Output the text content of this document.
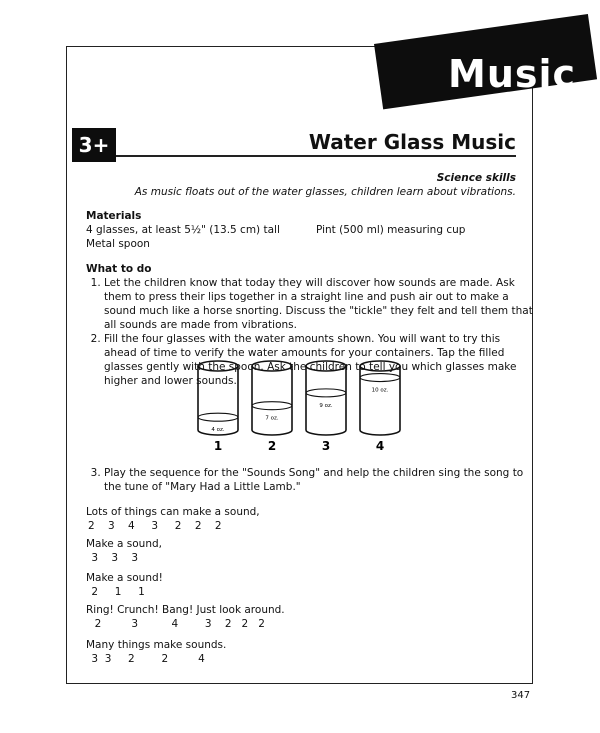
Music
3+	Water Glass Music
Science skills
As music floats out of the water glasses, children learn about vibrations.
Materials
4 glasses, at least 5½" (13.5 cm) tall
Metal spoon
Pint (500 ml) measuring cup
What to do
1. Let the children know that today they will discover how sounds are made. Ask them to press their lips together in a straight line and push air out to make a sound much like a horse snorting. Discuss the "tickle" they felt and tell them that all sounds are made from vibrations.
2. Fill the four glasses with the water amounts shown. You will want to try this ahead of time to verify the water amounts for your containers. Tap the filled glasses gently with the spoon. Ask the children to tell you which glasses make higher and lower sounds.
4 oz.
1
7 oz.
2
9 oz.
3
10 oz.
4
3. Play the sequence for the "Sounds Song" and help the children sing the song to the tune of "Mary Had a Little Lamb."
Lots of things can make a sound,
2    3    4     3     2    2    2
Make a sound,
3    3    3
Make a sound!
2     1     1
Ring! Crunch! Bang! Just look around.
2         3          4        3    2   2   2
Many things make sounds.
3  3     2        2         4
347
